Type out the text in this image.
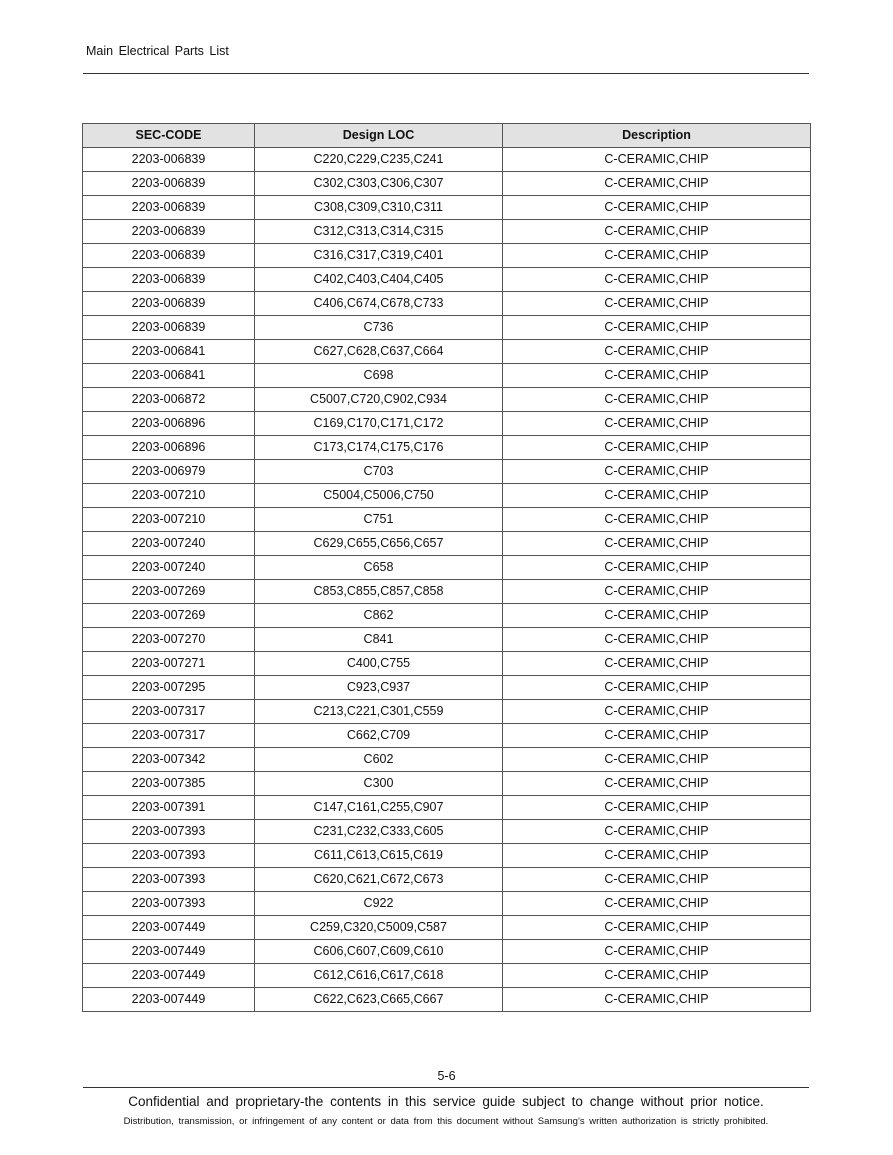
Main Electrical Parts List
SEC-CODE	Design LOC	Description
2203-006839	C220,C229,C235,C241	C-CERAMIC,CHIP
2203-006839	C302,C303,C306,C307	C-CERAMIC,CHIP
2203-006839	C308,C309,C310,C311	C-CERAMIC,CHIP
2203-006839	C312,C313,C314,C315	C-CERAMIC,CHIP
2203-006839	C316,C317,C319,C401	C-CERAMIC,CHIP
2203-006839	C402,C403,C404,C405	C-CERAMIC,CHIP
2203-006839	C406,C674,C678,C733	C-CERAMIC,CHIP
2203-006839	C736	C-CERAMIC,CHIP
2203-006841	C627,C628,C637,C664	C-CERAMIC,CHIP
2203-006841	C698	C-CERAMIC,CHIP
2203-006872	C5007,C720,C902,C934	C-CERAMIC,CHIP
2203-006896	C169,C170,C171,C172	C-CERAMIC,CHIP
2203-006896	C173,C174,C175,C176	C-CERAMIC,CHIP
2203-006979	C703	C-CERAMIC,CHIP
2203-007210	C5004,C5006,C750	C-CERAMIC,CHIP
2203-007210	C751	C-CERAMIC,CHIP
2203-007240	C629,C655,C656,C657	C-CERAMIC,CHIP
2203-007240	C658	C-CERAMIC,CHIP
2203-007269	C853,C855,C857,C858	C-CERAMIC,CHIP
2203-007269	C862	C-CERAMIC,CHIP
2203-007270	C841	C-CERAMIC,CHIP
2203-007271	C400,C755	C-CERAMIC,CHIP
2203-007295	C923,C937	C-CERAMIC,CHIP
2203-007317	C213,C221,C301,C559	C-CERAMIC,CHIP
2203-007317	C662,C709	C-CERAMIC,CHIP
2203-007342	C602	C-CERAMIC,CHIP
2203-007385	C300	C-CERAMIC,CHIP
2203-007391	C147,C161,C255,C907	C-CERAMIC,CHIP
2203-007393	C231,C232,C333,C605	C-CERAMIC,CHIP
2203-007393	C611,C613,C615,C619	C-CERAMIC,CHIP
2203-007393	C620,C621,C672,C673	C-CERAMIC,CHIP
2203-007393	C922	C-CERAMIC,CHIP
2203-007449	C259,C320,C5009,C587	C-CERAMIC,CHIP
2203-007449	C606,C607,C609,C610	C-CERAMIC,CHIP
2203-007449	C612,C616,C617,C618	C-CERAMIC,CHIP
2203-007449	C622,C623,C665,C667	C-CERAMIC,CHIP
5-6
Confidential and proprietary-the contents in this service guide subject to change without prior notice.
Distribution, transmission, or infringement of any content or data from this document without Samsung’s written authorization is strictly prohibited.
